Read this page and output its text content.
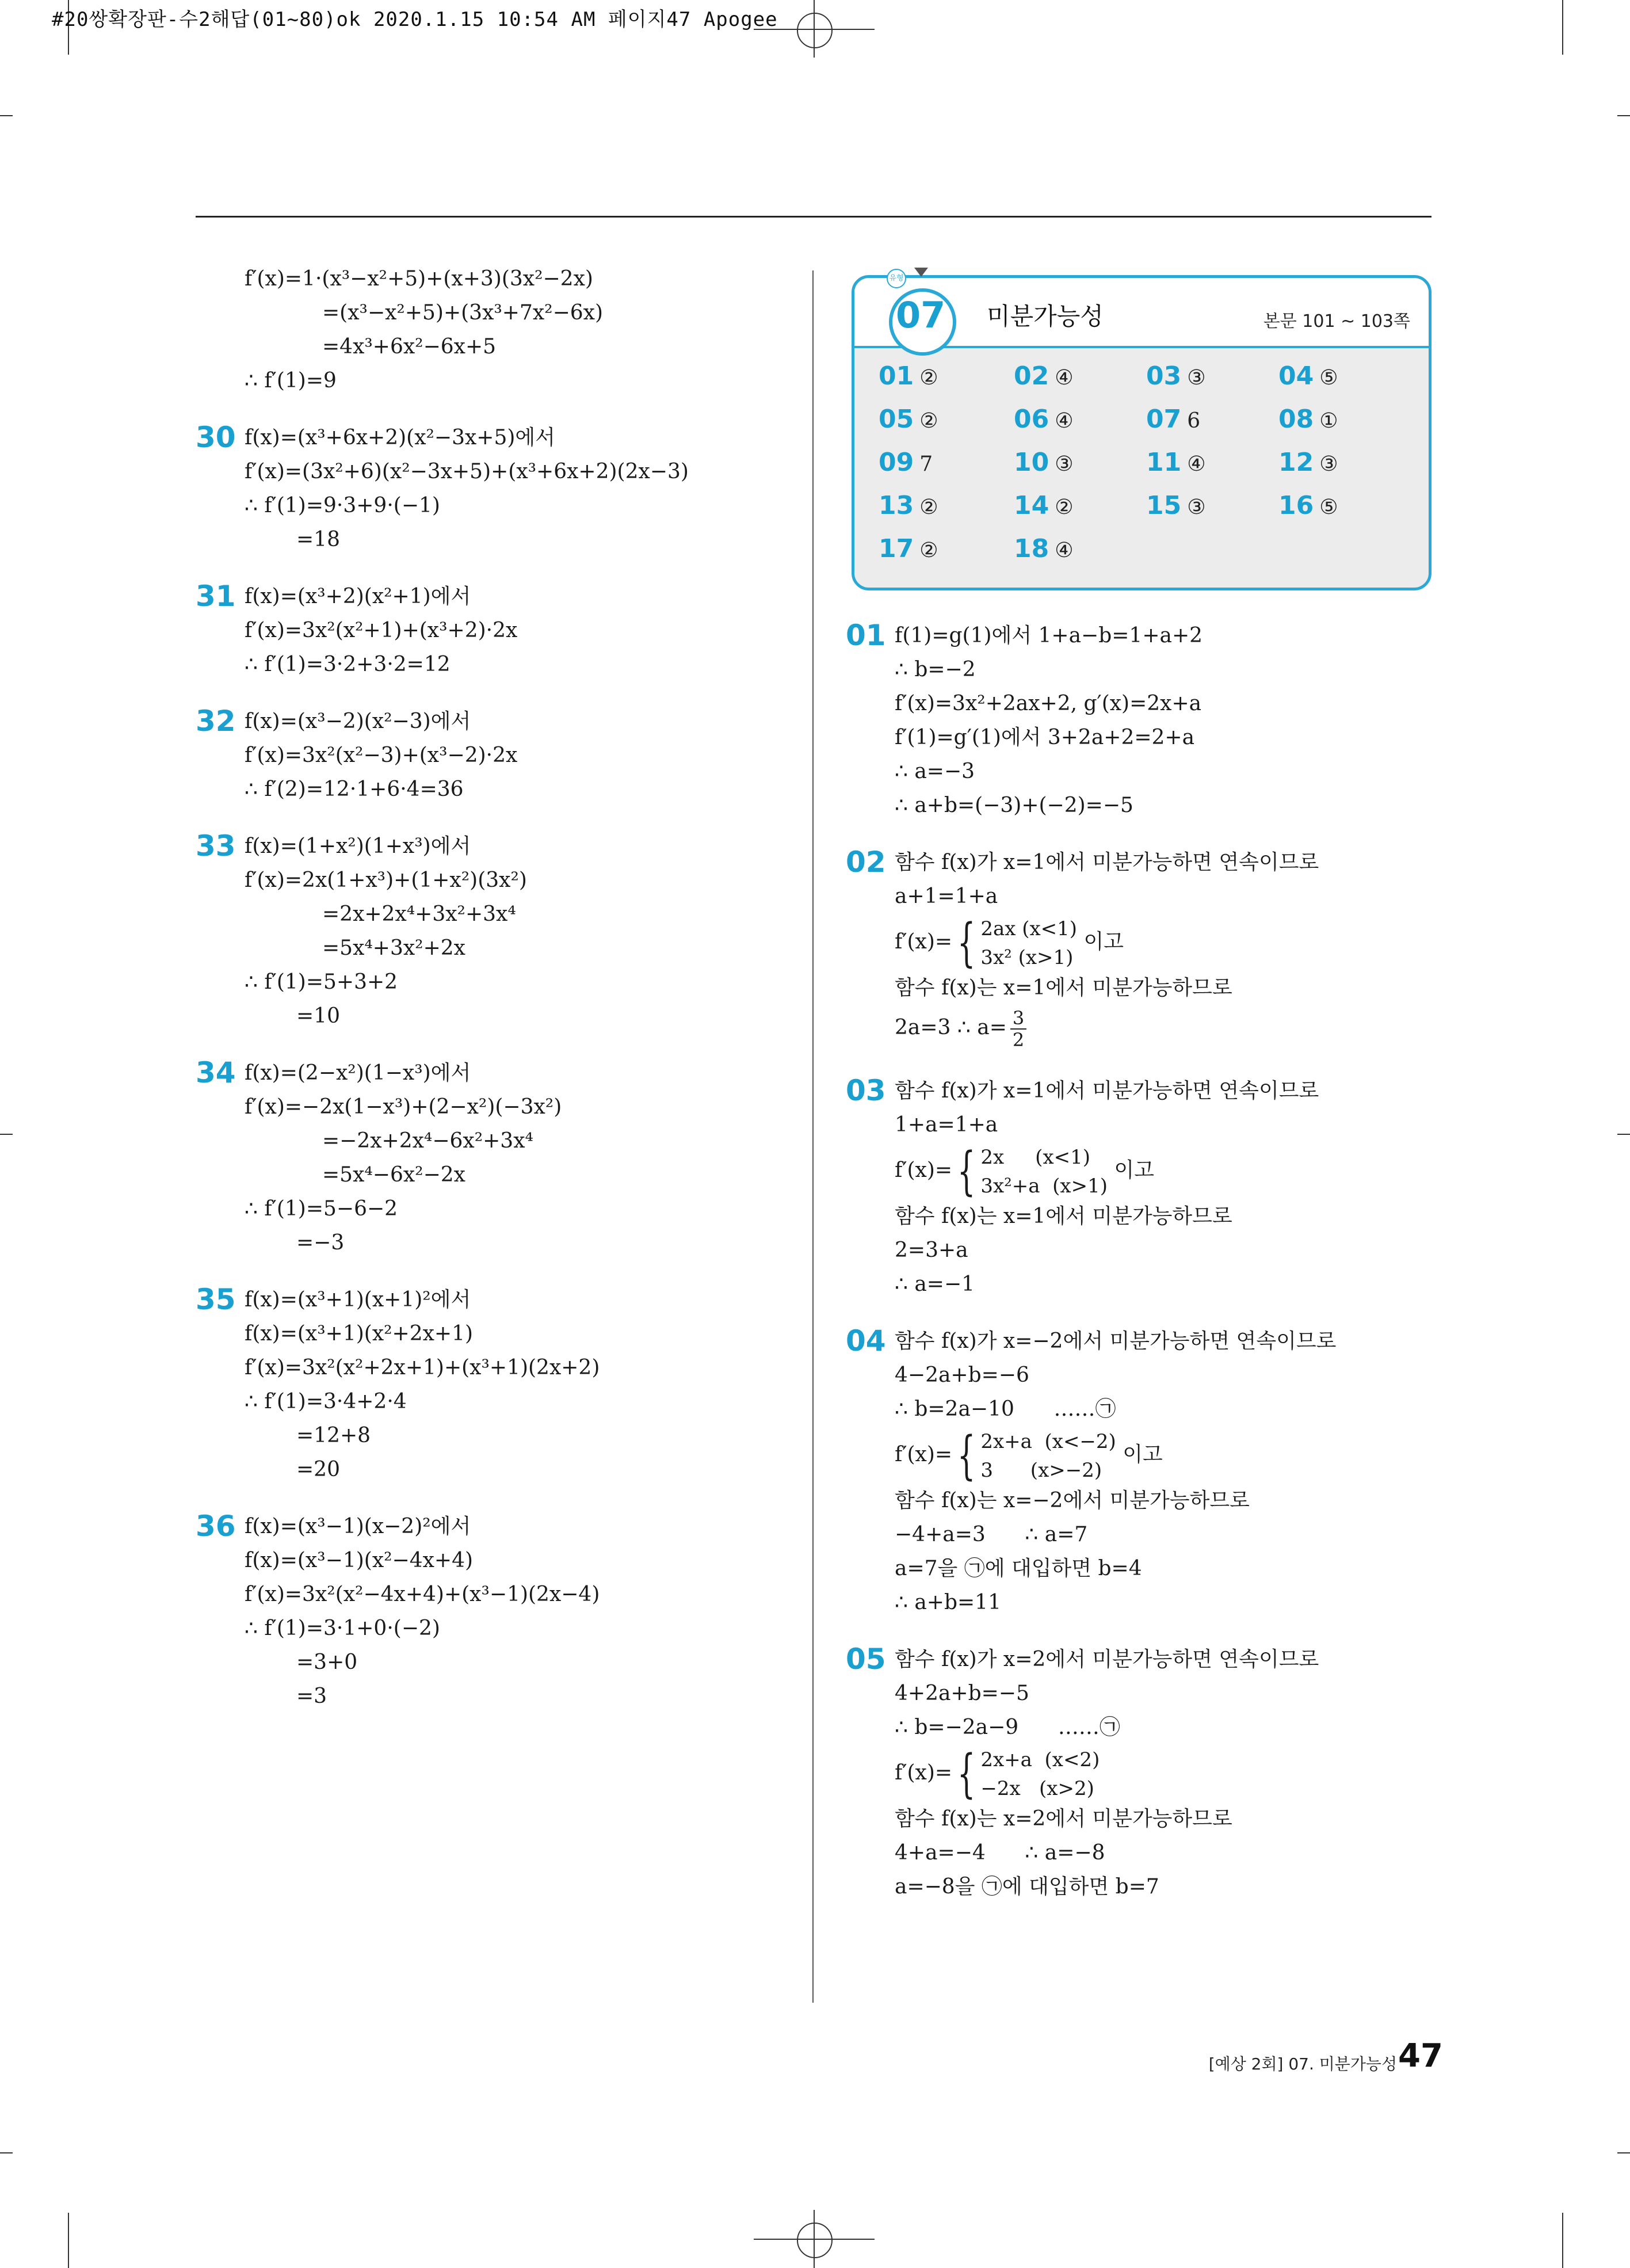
#20쌍확장판-수2해답(01~80)ok 2020.1.15 10:54 AM 페이지47 Apogee
f′(x)=1·(x³−x²+5)+(x+3)(3x²−2x)
=(x³−x²+5)+(3x³+7x²−6x)
=4x³+6x²−6x+5
∴ f′(1)=9
30 f(x)=(x³+6x+2)(x²−3x+5)에서
f′(x)=(3x²+6)(x²−3x+5)+(x³+6x+2)(2x−3)
∴ f′(1)=9·3+9·(−1)
=18
31 f(x)=(x³+2)(x²+1)에서
f′(x)=3x²(x²+1)+(x³+2)·2x
∴ f′(1)=3·2+3·2=12
32 f(x)=(x³−2)(x²−3)에서
f′(x)=3x²(x²−3)+(x³−2)·2x
∴ f′(2)=12·1+6·4=36
33 f(x)=(1+x²)(1+x³)에서
f′(x)=2x(1+x³)+(1+x²)(3x²)
=2x+2x⁴+3x²+3x⁴
=5x⁴+3x²+2x
∴ f′(1)=5+3+2
=10
34 f(x)=(2−x²)(1−x³)에서
f′(x)=−2x(1−x³)+(2−x²)(−3x²)
=−2x+2x⁴−6x²+3x⁴
=5x⁴−6x²−2x
∴ f′(1)=5−6−2
=−3
35 f(x)=(x³+1)(x+1)²에서
f(x)=(x³+1)(x²+2x+1)
f′(x)=3x²(x²+2x+1)+(x³+1)(2x+2)
∴ f′(1)=3·4+2·4
=12+8
=20
36 f(x)=(x³−1)(x−2)²에서
f(x)=(x³−1)(x²−4x+4)
f′(x)=3x²(x²−4x+4)+(x³−1)(2x−4)
∴ f′(1)=3·1+0·(−2)
=3+0
=3
07
유형
미분가능성	본문 101 ~ 103쪽
01 ②	02 ④	03 ③	04 ⑤
05 ②	06 ④	07 6	08 ①
09 7	10 ③	11 ④	12 ③
13 ②	14 ②	15 ③	16 ⑤
17 ②	18 ④
01 f(1)=g(1)에서 1+a−b=1+a+2
∴ b=−2
f′(x)=3x²+2ax+2, g′(x)=2x+a
f′(1)=g′(1)에서 3+2a+2=2+a
∴ a=−3
∴ a+b=(−3)+(−2)=−5
02 함수 f(x)가 x=1에서 미분가능하면 연속이므로
a+1=1+a
f′(x)= { 2ax (x<1)
3x² (x>1)
이고
함수 f(x)는 x=1에서 미분가능하므로
2a=3 ∴ $a= \frac{3}{2}$
03 함수 f(x)가 x=1에서 미분가능하면 연속이므로
1+a=1+a
f′(x)= { 2x     (x<1)
3x²+a  (x>1)
이고
함수 f(x)는 x=1에서 미분가능하므로
2=3+a
∴ a=−1
04 함수 f(x)가 x=−2에서 미분가능하면 연속이므로
4−2a+b=−6
∴ b=2a−10      ……㉠
f′(x)= { 2x+a  (x<−2)
3      (x>−2)
이고
함수 f(x)는 x=−2에서 미분가능하므로
−4+a=3      ∴ a=7
a=7을 ㉠에 대입하면 b=4
∴ a+b=11
05 함수 f(x)가 x=2에서 미분가능하면 연속이므로
4+2a+b=−5
∴ b=−2a−9      ……㉠
f′(x)= { 2x+a  (x<2)
−2x   (x>2)
함수 f(x)는 x=2에서 미분가능하므로
4+a=−4      ∴ a=−8
a=−8을 ㉠에 대입하면 b=7
[예상 2회] 07. 미분가능성 47
